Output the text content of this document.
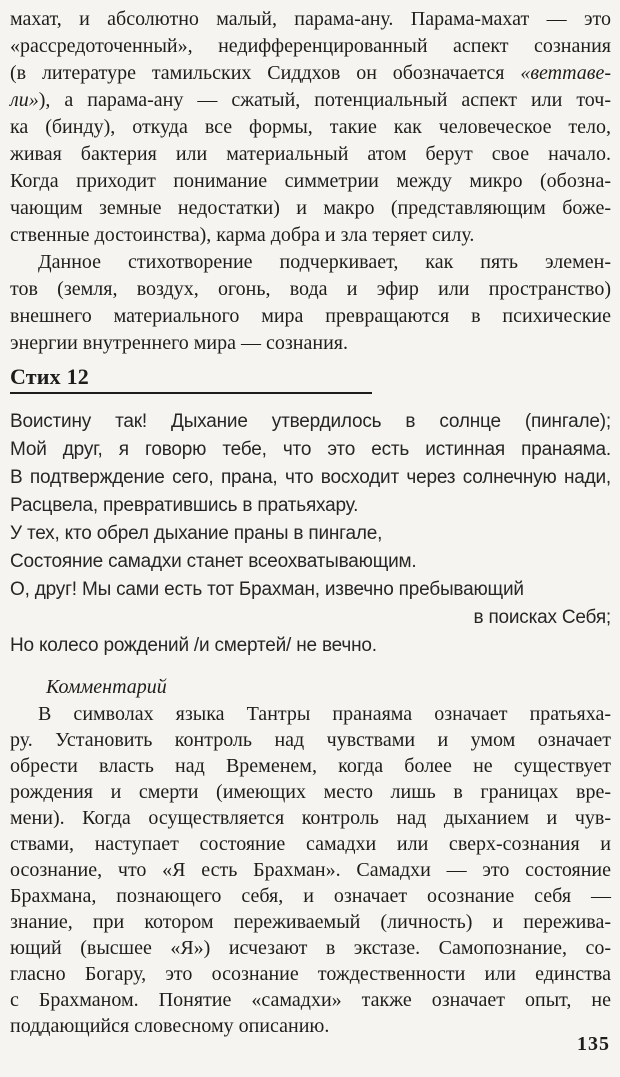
махат, и абсолютно малый, парама-ану. Парама-махат — это
«рассредоточенный», недифференцированный аспект сознания
(в литературе тамильских Сиддхов он обозначается «веттаве-
ли»), а парама-ану — сжатый, потенциальный аспект или точ-
ка (бинду), откуда все формы, такие как человеческое тело,
живая бактерия или материальный атом берут свое начало.
Когда приходит понимание симметрии между микро (обозна-
чающим земные недостатки) и макро (представляющим боже-
ственные достоинства), карма добра и зла теряет силу.
Данное стихотворение подчеркивает, как пять элемен-
тов (земля, воздух, огонь, вода и эфир или пространство)
внешнего материального мира превращаются в психические
энергии внутреннего мира — сознания.
Стих 12
Воистину так! Дыхание утвердилось в солнце (пингале);
Мой друг, я говорю тебе, что это есть истинная пранаяма.
В подтверждение сего, прана, что восходит через солнечную нади,
Расцвела, превратившись в пратьяхару.
У тех, кто обрел дыхание праны в пингале,
Состояние самадхи станет всеохватывающим.
О, друг! Мы сами есть тот Брахман, извечно пребывающий
в поисках Себя;
Но колесо рождений /и смертей/ не вечно.
Комментарий
В символах языка Тантры пранаяма означает пратьяха-
ру. Установить контроль над чувствами и умом означает
обрести власть над Временем, когда более не существует
рождения и смерти (имеющих место лишь в границах вре-
мени). Когда осуществляется контроль над дыханием и чув-
ствами, наступает состояние самадхи или сверх-сознания и
осознание, что «Я есть Брахман». Самадхи — это состояние
Брахмана, познающего себя, и означает осознание себя —
знание, при котором переживаемый (личность) и пережива-
ющий (высшее «Я») исчезают в экстазе. Самопознание, со-
гласно Богару, это осознание тождественности или единства
с Брахманом. Понятие «самадхи» также означает опыт, не
поддающийся словесному описанию.
135
